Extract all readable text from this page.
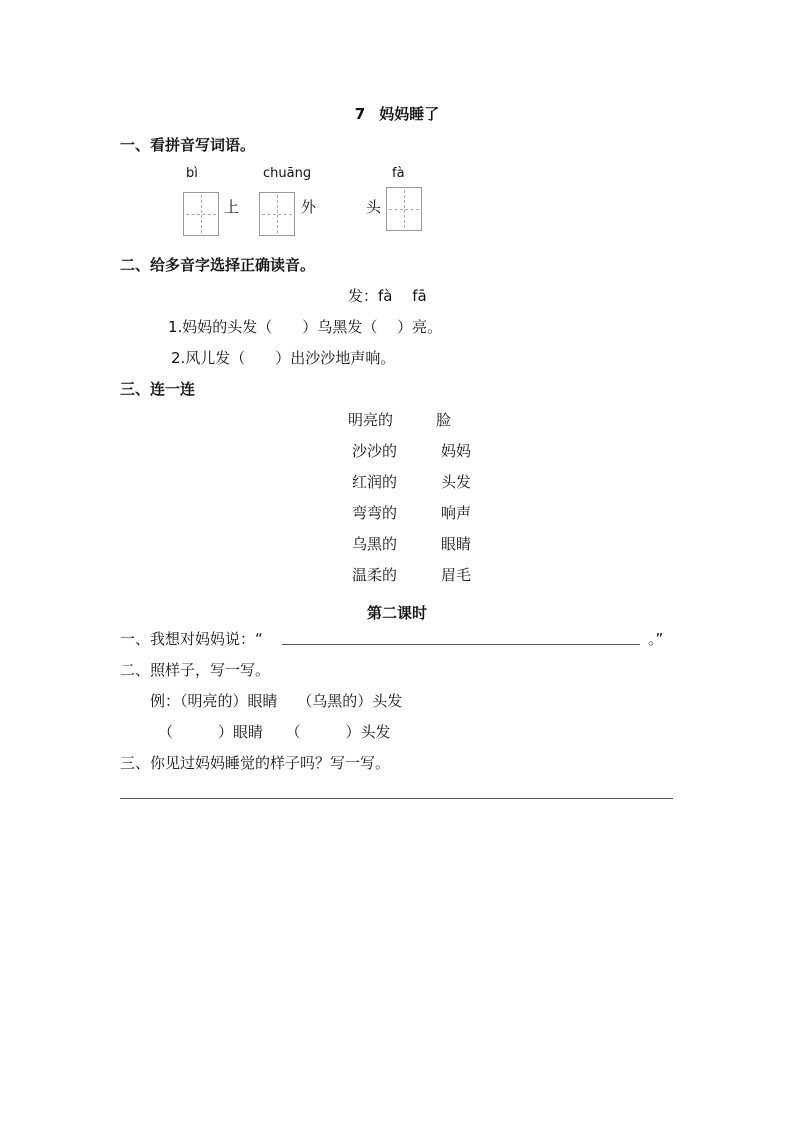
7 妈妈睡了
一、看拼音写词语。
bì
上
chuānɡ
外
fà
头
二、给多音字选择正确读音。
发：fà　 fā
1.妈妈的头发（　　）乌黑发（　 ）亮。
2.风儿发（　　）出沙沙地声响。
三、连一连
明亮的
沙沙的
红润的
弯弯的
乌黑的
温柔的
脸
妈妈
头发
响声
眼睛
眉毛
第二课时
一、我想对妈妈说：“	。”
二、照样子，写一写。
例：（明亮的）眼睛　 （乌黑的）头发
（　　　）眼睛　　（　　　）头发
三、你见过妈妈睡觉的样子吗？写一写。
